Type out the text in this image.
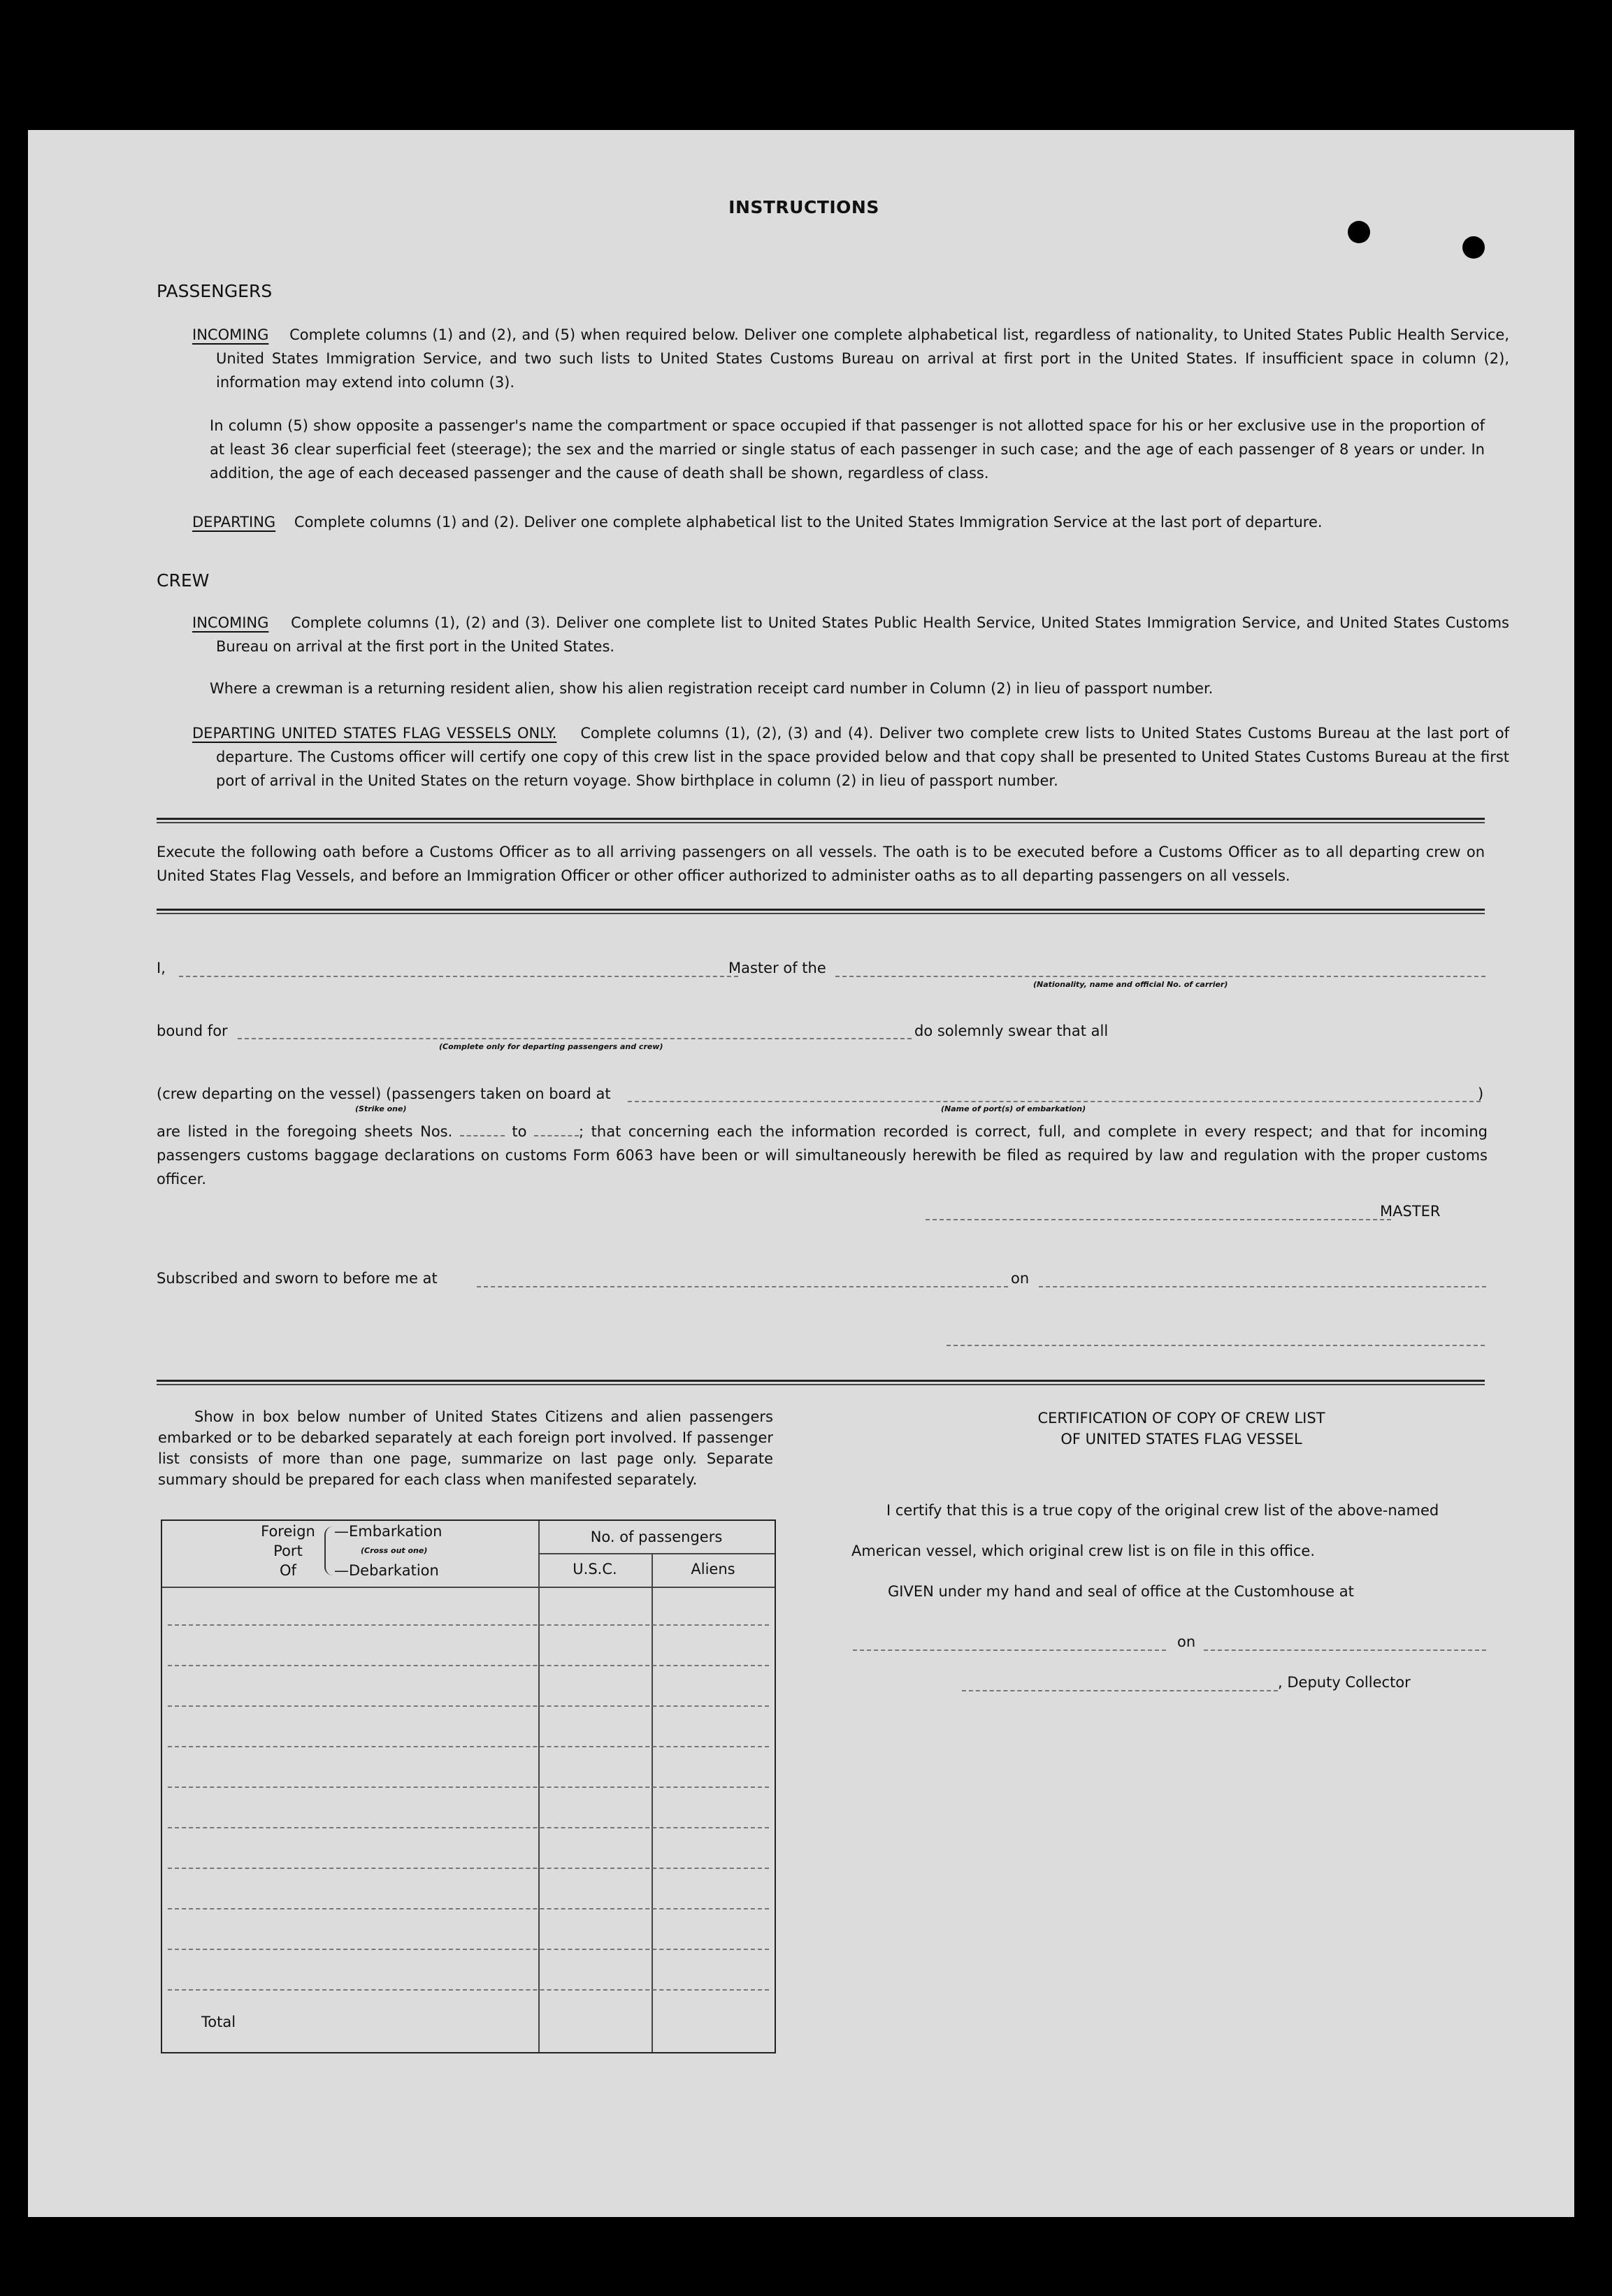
INSTRUCTIONS
PASSENGERS
INCOMING Complete columns (1) and (2), and (5) when required below. Deliver one complete alphabetical list, regardless of nationality, to United States Public Health Service, United States Immigration Service, and two such lists to United States Customs Bureau on arrival at first port in the United States. If insufficient space in column (2), information may extend into column (3).
In column (5) show opposite a passenger's name the compartment or space occupied if that passenger is not allotted space for his or her exclusive use in the proportion of at least 36 clear superficial feet (steerage); the sex and the married or single status of each passenger in such case; and the age of each passenger of 8 years or under. In addition, the age of each deceased passenger and the cause of death shall be shown, regardless of class.
DEPARTING Complete columns (1) and (2). Deliver one complete alphabetical list to the United States Immigration Service at the last port of departure.
CREW
INCOMING Complete columns (1), (2) and (3). Deliver one complete list to United States Public Health Service, United States Immigration Service, and United States Customs Bureau on arrival at the first port in the United States.
Where a crewman is a returning resident alien, show his alien registration receipt card number in Column (2) in lieu of passport number.
DEPARTING UNITED STATES FLAG VESSELS ONLY. Complete columns (1), (2), (3) and (4). Deliver two complete crew lists to United States Customs Bureau at the last port of departure. The Customs officer will certify one copy of this crew list in the space provided below and that copy shall be presented to United States Customs Bureau at the first port of arrival in the United States on the return voyage. Show birthplace in column (2) in lieu of passport number.
Execute the following oath before a Customs Officer as to all arriving passengers on all vessels. The oath is to be executed before a Customs Officer as to all departing crew on United States Flag Vessels, and before an Immigration Officer or other officer authorized to administer oaths as to all departing passengers on all vessels.
I,	Master of the
(Nationality, name and official No. of carrier)
bound for
(Complete only for departing passengers and crew)
do solemnly swear that all
(crew departing on the vessel) (passengers taken on board at
(Strike one)	(Name of port(s) of embarkation)
)
are listed in the foregoing sheets Nos.	to	; that concerning each the information recorded is correct, full, and complete in every respect; and that for incoming passengers customs baggage declarations on customs Form 6063 have been or will simultaneously herewith be filed as required by law and regulation with the proper customs officer.
MASTER
Subscribed and sworn to before me at	on
Show in box below number of United States Citizens and alien passengers embarked or to be debarked separately at each foreign port involved. If passenger list consists of more than one page, summarize on last page only. Separate summary should be prepared for each class when manifested separately.
Foreign
Port
Of
—Embarkation
(Cross out one)
—Debarkation
No. of passengers
U.S.C.	Aliens
Total
CERTIFICATION OF COPY OF CREW LIST
OF UNITED STATES FLAG VESSEL
I certify that this is a true copy of the original crew list of the above-named
American vessel, which original crew list is on file in this office.
GIVEN under my hand and seal of office at the Customhouse at
on
, Deputy Collector
